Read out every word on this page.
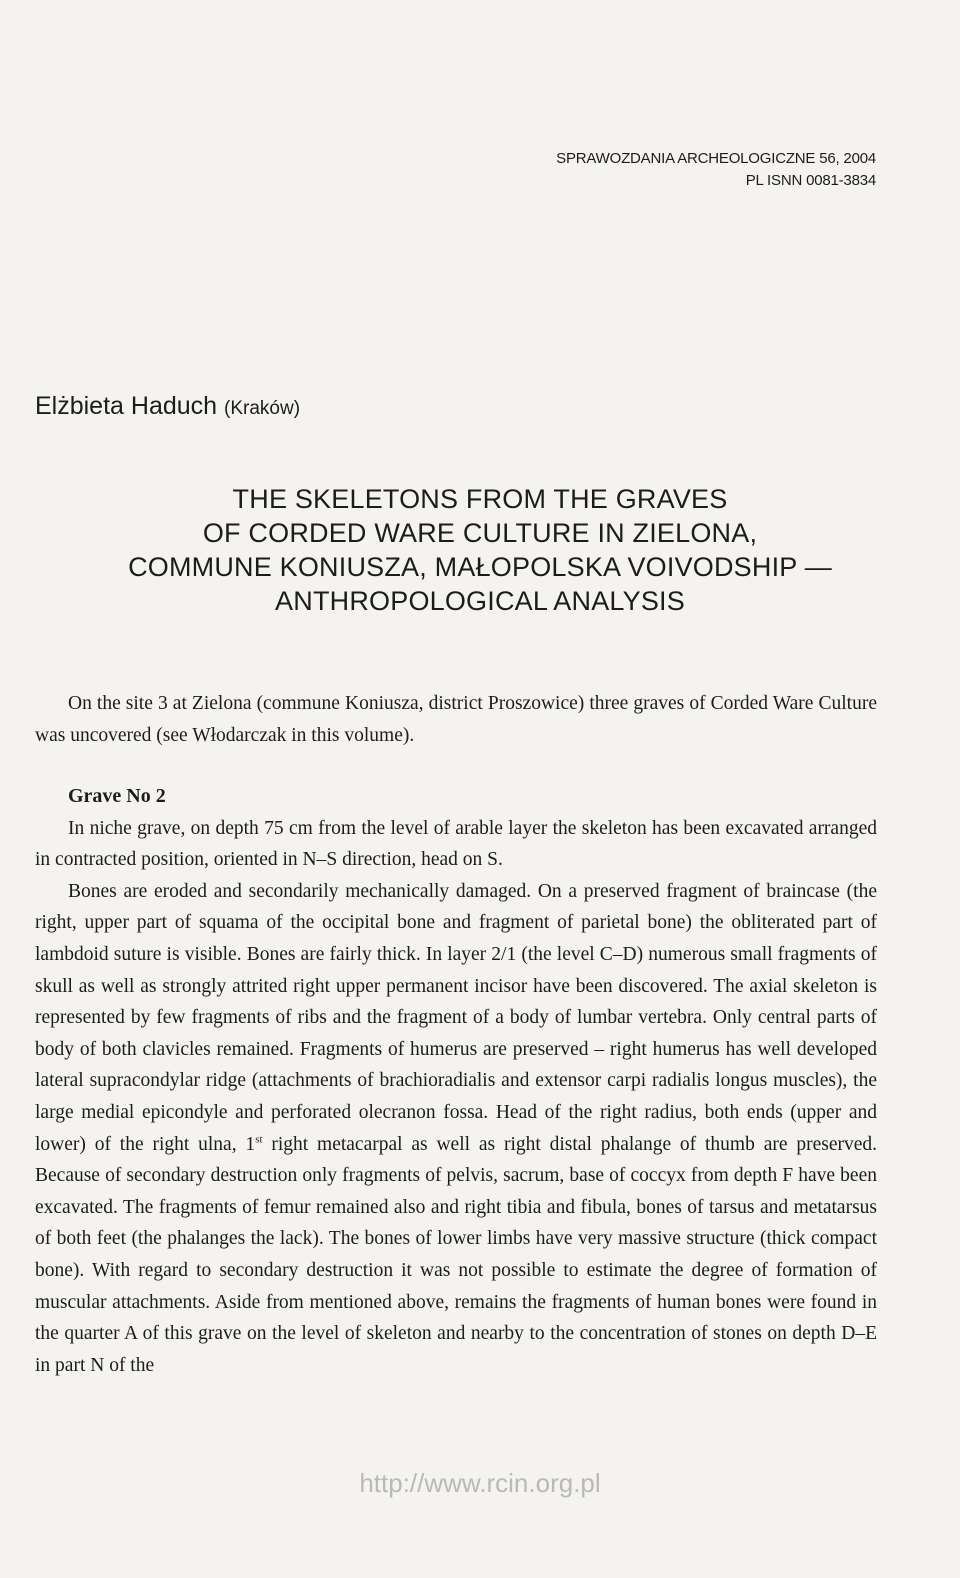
SPRAWOZDANIA ARCHEOLOGICZNE 56, 2004
PL ISNN 0081-3834
Elżbieta Haduch (Kraków)
THE SKELETONS FROM THE GRAVES
OF CORDED WARE CULTURE IN ZIELONA,
COMMUNE KONIUSZA, MAŁOPOLSKA VOIVODSHIP —
ANTHROPOLOGICAL ANALYSIS

On the site 3 at Zielona (commune Koniusza, district Proszowice) three graves of Corded Ware Culture was uncovered (see Włodarczak in this volume).

Grave No 2

In niche grave, on depth 75 cm from the level of arable layer the skeleton has been excavated arranged in contracted position, oriented in N–S direction, head on S.

Bones are eroded and secondarily mechanically damaged. On a preserved fragment of braincase (the right, upper part of squama of the occipital bone and fragment of parietal bone) the obliterated part of lambdoid suture is visible. Bones are fairly thick. In layer 2/1 (the level C–D) numerous small fragments of skull as well as strongly attrited right upper permanent incisor have been discovered. The axial skeleton is represented by few fragments of ribs and the fragment of a body of lumbar vertebra. Only central parts of body of both clavicles remained. Fragments of humerus are preserved – right humerus has well developed lateral supracondylar ridge (attachments of brachioradialis and extensor carpi radialis longus muscles), the large medial epicondyle and perforated olecranon fossa. Head of the right radius, both ends (upper and lower) of the right ulna, 1st right metacarpal as well as right distal phalange of thumb are preserved. Because of secondary destruction only fragments of pelvis, sacrum, base of coccyx from depth F have been excavated. The fragments of femur remained also and right tibia and fibula, bones of tarsus and metatarsus of both feet (the phalanges the lack). The bones of lower limbs have very massive structure (thick compact bone). With regard to secondary destruction it was not possible to estimate the degree of formation of muscular attachments. Aside from mentioned above, remains the fragments of human bones were found in the quarter A of this grave on the level of skeleton and nearby to the concentration of stones on depth D–E in part N of the

http://www.rcin.org.pl
